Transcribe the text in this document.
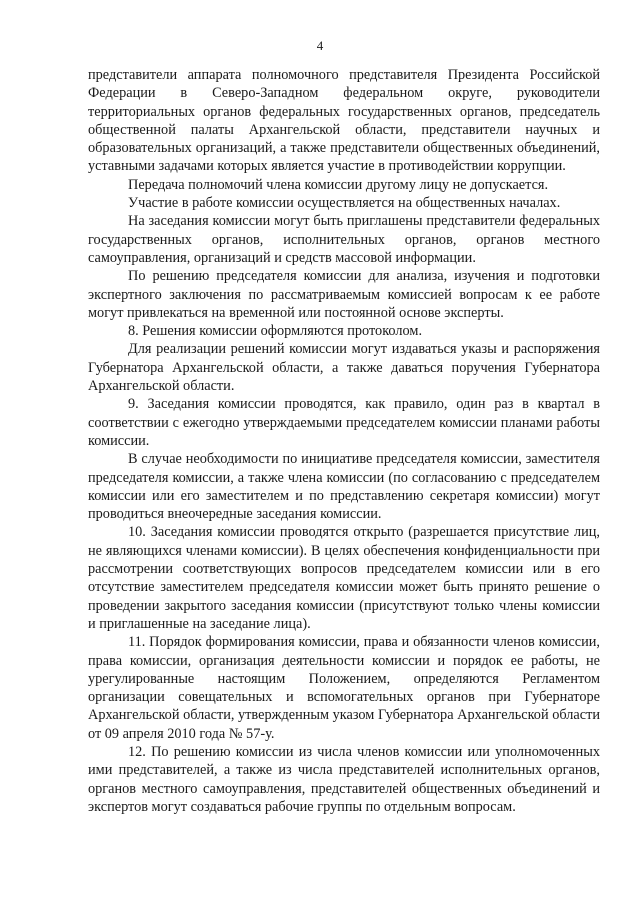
4

представители аппарата полномочного представителя Президента Российской Федерации в Северо-Западном федеральном округе, руководители территориальных органов федеральных государственных органов, председатель общественной палаты Архангельской области, представители научных и образовательных организаций, а также представители общественных объединений, уставными задачами которых является участие в противодействии коррупции.

Передача полномочий члена комиссии другому лицу не допускается.

Участие в работе комиссии осуществляется на общественных началах.

На заседания комиссии могут быть приглашены представители федеральных государственных органов, исполнительных органов, органов местного самоуправления, организаций и средств массовой информации.

По решению председателя комиссии для анализа, изучения и подготовки экспертного заключения по рассматриваемым комиссией вопросам к ее работе могут привлекаться на временной или постоянной основе эксперты.

8. Решения комиссии оформляются протоколом.

Для реализации решений комиссии могут издаваться указы и распоряжения Губернатора Архангельской области, а также даваться поручения Губернатора Архангельской области.

9. Заседания комиссии проводятся, как правило, один раз в квартал в соответствии с ежегодно утверждаемыми председателем комиссии планами работы комиссии.

В случае необходимости по инициативе председателя комиссии, заместителя председателя комиссии, а также члена комиссии (по согласованию с председателем комиссии или его заместителем и по представлению секретаря комиссии) могут проводиться внеочередные заседания комиссии.

10. Заседания комиссии проводятся открыто (разрешается присутствие лиц, не являющихся членами комиссии). В целях обеспечения конфиденциальности при рассмотрении соответствующих вопросов председателем комиссии или в его отсутствие заместителем председателя комиссии может быть принято решение о проведении закрытого заседания комиссии (присутствуют только члены комиссии и приглашенные на заседание лица).

11. Порядок формирования комиссии, права и обязанности членов комиссии, права комиссии, организация деятельности комиссии и порядок ее работы, не урегулированные настоящим Положением, определяются Регламентом организации совещательных и вспомогательных органов при Губернаторе Архангельской области, утвержденным указом Губернатора Архангельской области от 09 апреля 2010 года № 57-у.

12. По решению комиссии из числа членов комиссии или уполномоченных ими представителей, а также из числа представителей исполнительных органов, органов местного самоуправления, представителей общественных объединений и экспертов могут создаваться рабочие группы по отдельным вопросам.
